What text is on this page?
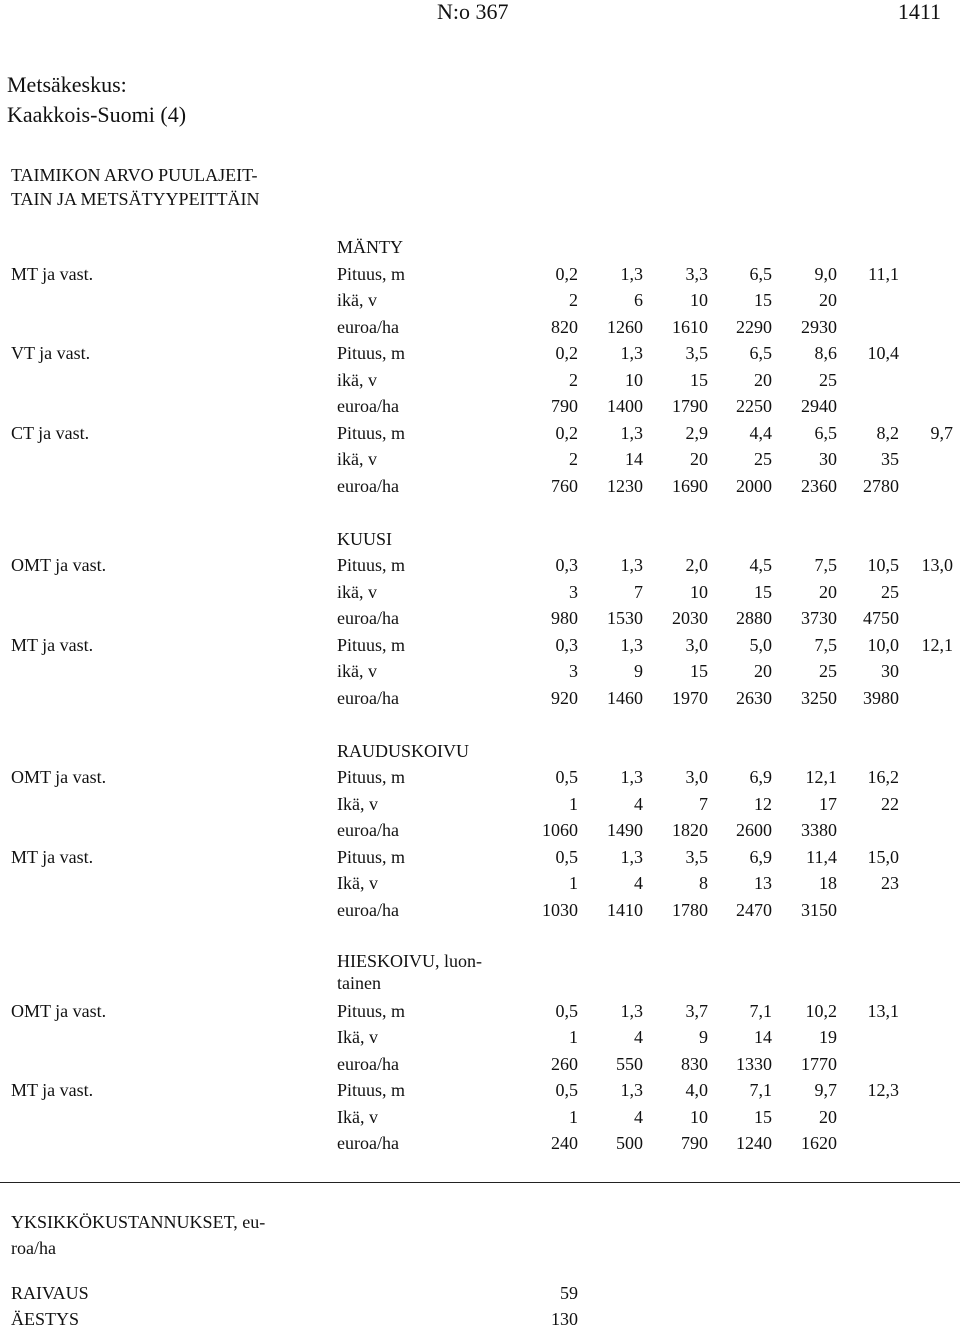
N:o 367	1411
Metsäkeskus:
Kaakkois-Suomi (4)
TAIMIKON ARVO PUULAJEIT-
TAIN JA METSÄTYYPEITTÄIN
MÄNTY
MT ja vast.	Pituus, m	0,2	1,3	3,3	6,5	9,0	11,1
ikä, v	2	6	10	15	20
euroa/ha	820	1260	1610	2290	2930
VT ja vast.	Pituus, m	0,2	1,3	3,5	6,5	8,6	10,4
ikä, v	2	10	15	20	25
euroa/ha	790	1400	1790	2250	2940
CT ja vast.	Pituus, m	0,2	1,3	2,9	4,4	6,5	8,2	9,7
ikä, v	2	14	20	25	30	35
euroa/ha	760	1230	1690	2000	2360	2780
KUUSI
OMT ja vast.	Pituus, m	0,3	1,3	2,0	4,5	7,5	10,5	13,0
ikä, v	3	7	10	15	20	25
euroa/ha	980	1530	2030	2880	3730	4750
MT ja vast.	Pituus, m	0,3	1,3	3,0	5,0	7,5	10,0	12,1
ikä, v	3	9	15	20	25	30
euroa/ha	920	1460	1970	2630	3250	3980
RAUDUSKOIVU
OMT ja vast.	Pituus, m	0,5	1,3	3,0	6,9	12,1	16,2
Ikä, v	1	4	7	12	17	22
euroa/ha	1060	1490	1820	2600	3380
MT ja vast.	Pituus, m	0,5	1,3	3,5	6,9	11,4	15,0
Ikä, v	1	4	8	13	18	23
euroa/ha	1030	1410	1780	2470	3150
HIESKOIVU, luon-
tainen
OMT ja vast.	Pituus, m	0,5	1,3	3,7	7,1	10,2	13,1
Ikä, v	1	4	9	14	19
euroa/ha	260	550	830	1330	1770
MT ja vast.	Pituus, m	0,5	1,3	4,0	7,1	9,7	12,3
Ikä, v	1	4	10	15	20
euroa/ha	240	500	790	1240	1620
YKSIKKÖKUSTANNUKSET, eu-
roa/ha
RAIVAUS	59
ÄESTYS	130
